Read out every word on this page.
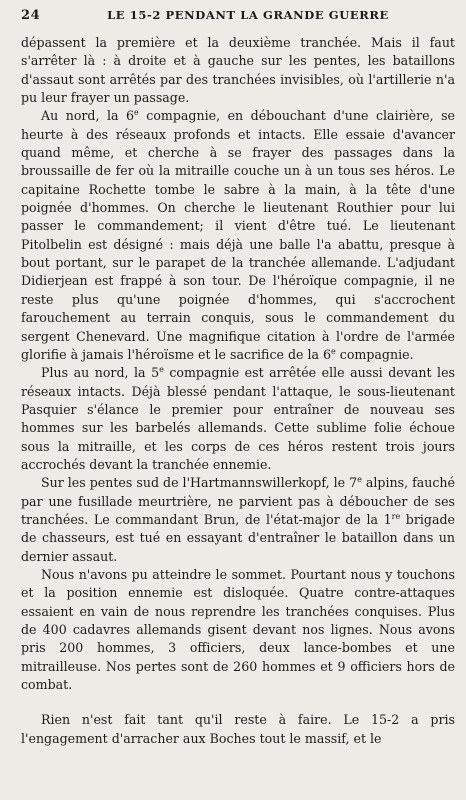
24	LE 15-2 PENDANT LA GRANDE GUERRE

dépassent la première et la deuxième tranchée. Mais il faut s'arrêter là : à droite et à gauche sur les pentes, les bataillons d'assaut sont arrêtés par des tranchées invisibles, où l'artillerie n'a pu leur frayer un passage.

Au nord, la 6e compagnie, en débouchant d'une clairière, se heurte à des réseaux profonds et intacts. Elle essaie d'avancer quand même, et cherche à se frayer des passages dans la broussaille de fer où la mitraille couche un à un tous ses héros. Le capitaine Rochette tombe le sabre à la main, à la tête d'une poignée d'hommes. On cherche le lieutenant Routhier pour lui passer le commandement; il vient d'être tué. Le lieutenant Pitolbelin est désigné : mais déjà une balle l'a abattu, presque à bout portant, sur le parapet de la tranchée allemande. L'adjudant Didierjean est frappé à son tour. De l'héroïque compagnie, il ne reste plus qu'une poignée d'hommes, qui s'accrochent farouchement au terrain conquis, sous le commandement du sergent Chenevard. Une magnifique citation à l'ordre de l'armée glorifie à jamais l'héroïsme et le sacrifice de la 6e compagnie.

Plus au nord, la 5e compagnie est arrêtée elle aussi devant les réseaux intacts. Déjà blessé pendant l'attaque, le sous-lieutenant Pasquier s'élance le premier pour entraîner de nouveau ses hommes sur les barbelés allemands. Cette sublime folie échoue sous la mitraille, et les corps de ces héros restent trois jours accrochés devant la tranchée ennemie.

Sur les pentes sud de l'Hartmannswillerkopf, le 7e alpins, fauché par une fusillade meurtrière, ne parvient pas à déboucher de ses tranchées. Le commandant Brun, de l'état-major de la 1re brigade de chasseurs, est tué en essayant d'entraîner le bataillon dans un dernier assaut.

Nous n'avons pu atteindre le sommet. Pourtant nous y touchons et la position ennemie est disloquée. Quatre contre-attaques essaient en vain de nous reprendre les tranchées conquises. Plus de 400 cadavres allemands gisent devant nos lignes. Nous avons pris 200 hommes, 3 officiers, deux lance-bombes et une mitrailleuse. Nos pertes sont de 260 hommes et 9 officiers hors de combat.

Rien n'est fait tant qu'il reste à faire. Le 15-2 a pris l'engagement d'arracher aux Boches tout le massif, et le
